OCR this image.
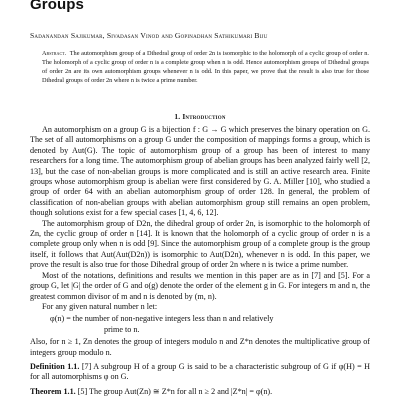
Groups

Sadanandan Sajikumar, Sivadasan Vinod and Gopinadhan Sathikumari Biju

Abstract. The automorphism group of a Dihedral group of order 2n is isomorphic to the holomorph of a cyclic group of order n. The holomorph of a cyclic group of order n is a complete group when n is odd. Hence automorphism groups of Dihedral groups of order 2n are its own automorphism groups whenever n is odd. In this paper, we prove that the result is also true for those Dihedral groups of order 2n where n is twice a prime number.

1. Introduction

An automorphism on a group G is a bijection f : G → G which preserves the binary operation on G. The set of all automorphisms on a group G under the composition of mappings forms a group, which is denoted by Aut(G). The topic of automorphism group of a group has been of interest to many researchers for a long time. The automorphism group of abelian groups has been analyzed fairly well [2, 13], but the case of non-abelian groups is more complicated and is still an active research area. Finite groups whose automorphism group is abelian were first considered by G. A. Miller [10], who studied a group of order 64 with an abelian automorphism group of order 128. In general, the problem of classification of non-abelian groups with abelian automorphism group still remains an open problem, though solutions exist for a few special cases [1, 4, 6, 12].

The automorphism group of D2n, the dihedral group of order 2n, is isomorphic to the holomorph of Zn, the cyclic group of order n [14]. It is known that the holomorph of a cyclic group of order n is a complete group only when n is odd [9]. Since the automorphism group of a complete group is the group itself, it follows that Aut(Aut(D2n)) is isomorphic to Aut(D2n), whenever n is odd. In this paper, we prove the result is also true for those Dihedral group of order 2n where n is twice a prime number.

Most of the notations, definitions and results we mention in this paper are as in [7] and [5]. For a group G, let |G| the order of G and o(g) denote the order of the element g in G. For integers m and n, the greatest common divisor of m and n is denoted by (m, n).

For any given natural number n let:

φ(n) = the number of non-negative integers less than n and relatively
prime to n.

Also, for n ≥ 1, Zn denotes the group of integers modulo n and Z*n denotes the multiplicative group of integers group modulo n.

Definition 1.1. [7] A subgroup H of a group G is said to be a characteristic subgroup of G if φ(H) = H for all automorphisms φ on G.

Theorem 1.1. [5] The group Aut(Zn) ≅ Z*n for all n ≥ 2 and |Z*n| = φ(n).
